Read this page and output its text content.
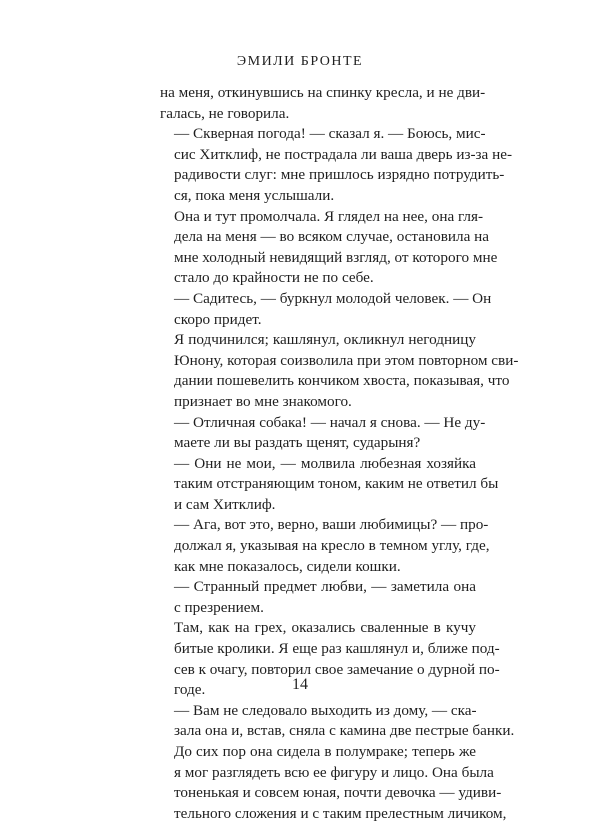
ЭМИЛИ БРОНТЕ

на меня, откинувшись на спинку кресла, и не дви-
галась, не говорила.

— Скверная погода! — сказал я. — Боюсь, мис-
сис Хитклиф, не пострадала ли ваша дверь из-за не-
радивости слуг: мне пришлось изрядно потрудить-
ся, пока меня услышали.

Она и тут промолчала. Я глядел на нее, она гля-
дела на меня — во всяком случае, остановила на
мне холодный невидящий взгляд, от которого мне
стало до крайности не по себе.

— Садитесь, — буркнул молодой человек. — Он
скоро придет.

Я подчинился; кашлянул, окликнул негодницу
Юнону, которая соизволила при этом повторном сви-
дании пошевелить кончиком хвоста, показывая, что
признает во мне знакомого.

— Отличная собака! — начал я снова. — Не ду-
маете ли вы раздать щенят, сударыня?

— Они не мои, — молвила любезная хозяйка
таким отстраняющим тоном, каким не ответил бы
и сам Хитклиф.

— Ага, вот это, верно, ваши любимицы? — про-
должал я, указывая на кресло в темном углу, где,
как мне показалось, сидели кошки.

— Странный предмет любви, — заметила она
с презрением.

Там, как на грех, оказались сваленные в кучу
битые кролики. Я еще раз кашлянул и, ближе под-
сев к очагу, повторил свое замечание о дурной по-
годе.

— Вам не следовало выходить из дому, — ска-
зала она и, встав, сняла с камина две пестрые банки.

До сих пор она сидела в полумраке; теперь же
я мог разглядеть всю ее фигуру и лицо. Она была
тоненькая и совсем юная, почти девочка — удиви-
тельного сложения и с таким прелестным личиком,

14
